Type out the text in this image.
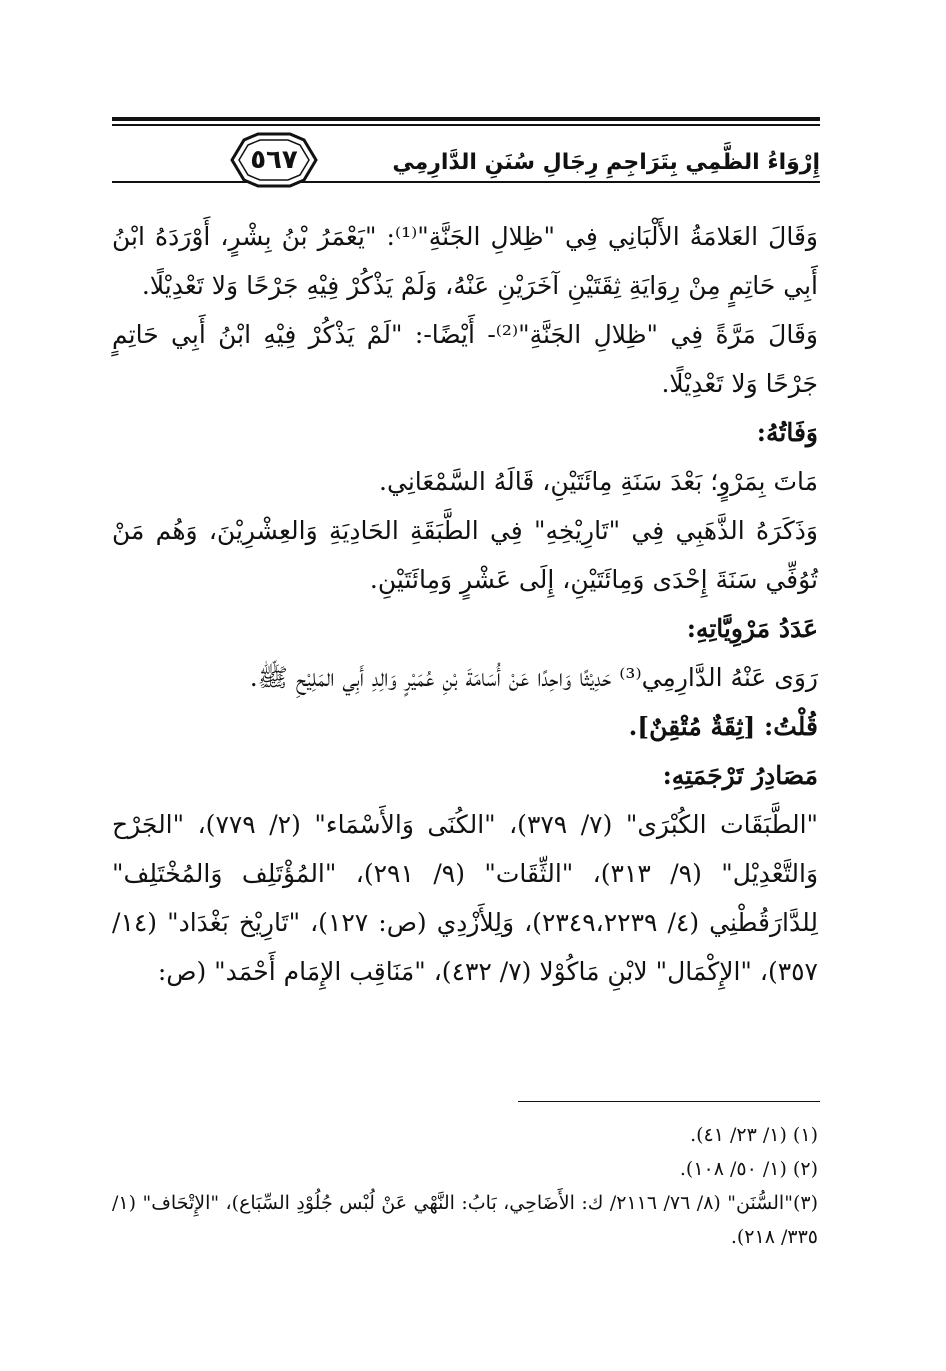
٥٦٧	إِرْوَاءُ الظَّمِي بِتَرَاجِمِ رِجَالِ سُنَنِ الدَّارِمِي

وَقَالَ العَلامَةُ الأَلْبَانِي فِي "ظِلالِ الجَنَّةِ"⁽¹⁾: "يَعْمَرُ بْنُ بِشْرٍ، أَوْرَدَهُ ابْنُ أَبِي حَاتِمٍ مِنْ رِوَايَةِ ثِقَتَيْنِ آخَرَيْنِ عَنْهُ، وَلَمْ يَذْكُرْ فِيْهِ جَرْحًا وَلا تَعْدِيْلًا.

وَقَالَ مَرَّةً فِي "ظِلالِ الجَنَّةِ"⁽²⁾- أَيْضًا-: "لَمْ يَذْكُرْ فِيْهِ ابْنُ أَبِي حَاتِمٍ جَرْحًا وَلا تَعْدِيْلًا.

وَفَاتُهُ:

مَاتَ بِمَرْوٍ؛ بَعْدَ سَنَةِ مِائَتَيْنِ، قَالَهُ السَّمْعَانِي.

وَذَكَرَهُ الذَّهَبِي فِي "تَارِيْخِهِ" فِي الطَّبَقَةِ الحَادِيَةِ وَالعِشْرِيْنَ، وَهُم مَنْ تُوُفِّي سَنَةَ إِحْدَى وَمِائَتَيْنِ، إِلَى عَشْرٍ وَمِائَتَيْنِ.

عَدَدُ مَرْوِيَّاتِهِ:

رَوَى عَنْهُ الدَّارِمِي⁽³⁾ حَدِيْثًا وَاحِدًا عَنْ أُسَامَةَ بْنِ عُمَيْرٍ وَالِدِ أَبِي المَلِيْحِ ﷺ.

قُلْتُ: [ثِقَةٌ مُتْقِنٌ].

مَصَادِرُ تَرْجَمَتِهِ:

"الطَّبَقَات الكُبْرَى" (٧/ ٣٧٩)، "الكُنَى وَالأَسْمَاء" (٢/ ٧٧٩)، "الجَرْح وَالتَّعْدِيْل" (٩/ ٣١٣)، "الثِّقَات" (٩/ ٢٩١)، "المُؤْتَلِف وَالمُخْتَلِف" لِلدَّارَقُطْنِي (٤/ ٢٣٤٩،٢٢٣٩)، وَلِلأَزْدِي (ص: ١٢٧)، "تَارِيْخ بَغْدَاد" (١٤/ ٣٥٧)، "الإِكْمَال" لابْنِ مَاكُوْلا (٧/ ٤٣٢)، "مَنَاقِب الإِمَام أَحْمَد" (ص:

(١) (١/ ٢٣/ ٤١).

(٢) (١/ ٥٠/ ١٠٨).

(٣)"السُّنَن" (٨/ ٧٦/ ٢١١٦/ ك: الأَضَاحِي، بَابُ: النَّهْي عَنْ لُبْس جُلُوْدِ السِّبَاع)، "الإِتْحَاف" (١/ ٣٣٥/ ٢١٨).
